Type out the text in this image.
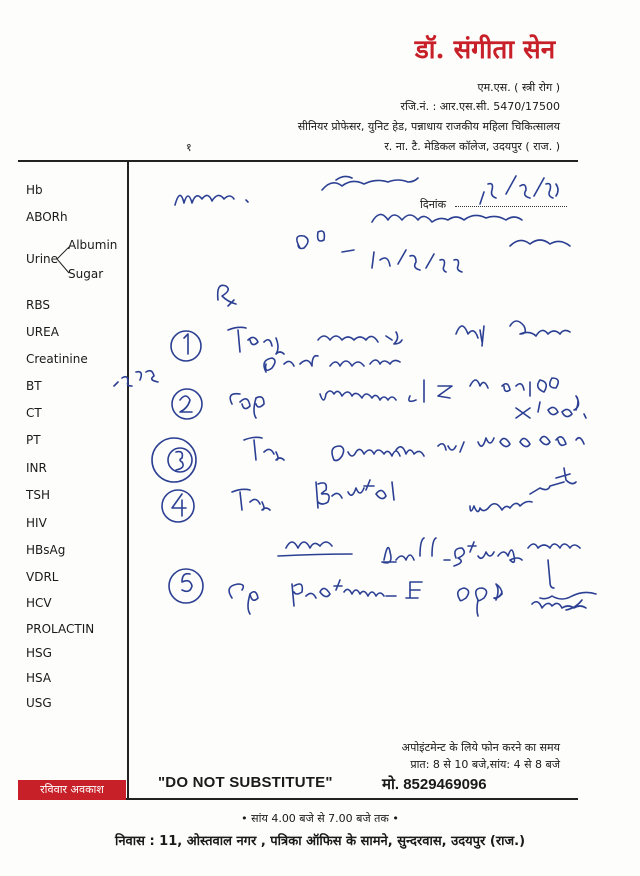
डॉ. संगीता सेन
एम.एस. ( स्त्री रोग )
रजि.नं. : आर.एस.सी. 5470/17500
सीनियर प्रोफेसर, युनिट हेड, पन्नाधाय राजकीय महिला चिकित्सालय
र. ना. टै. मेडिकल कॉलेज, उदयपुर ( राज. )
१
Hb
ABORh
Urine
Albumin
Sugar
RBS
UREA
Creatinine
BT
CT
PT
INR
TSH
HIV
HBsAg
VDRL
HCV
PROLACTIN
HSG
HSA
USG
दिनांक
अपोइंटमेन्ट के लिये फोन करने का समय
प्रात: 8 से 10 बजे,सांय: 4 से 8 बजे
रविवार अवकाश	"DO NOT SUBSTITUTE"	मो. 8529469096
• सांय 4.00 बजे से 7.00 बजे तक •
निवास : 11, ओस्तवाल नगर , पत्रिका ऑफिस के सामने, सुन्दरवास, उदयपुर (राज.)
